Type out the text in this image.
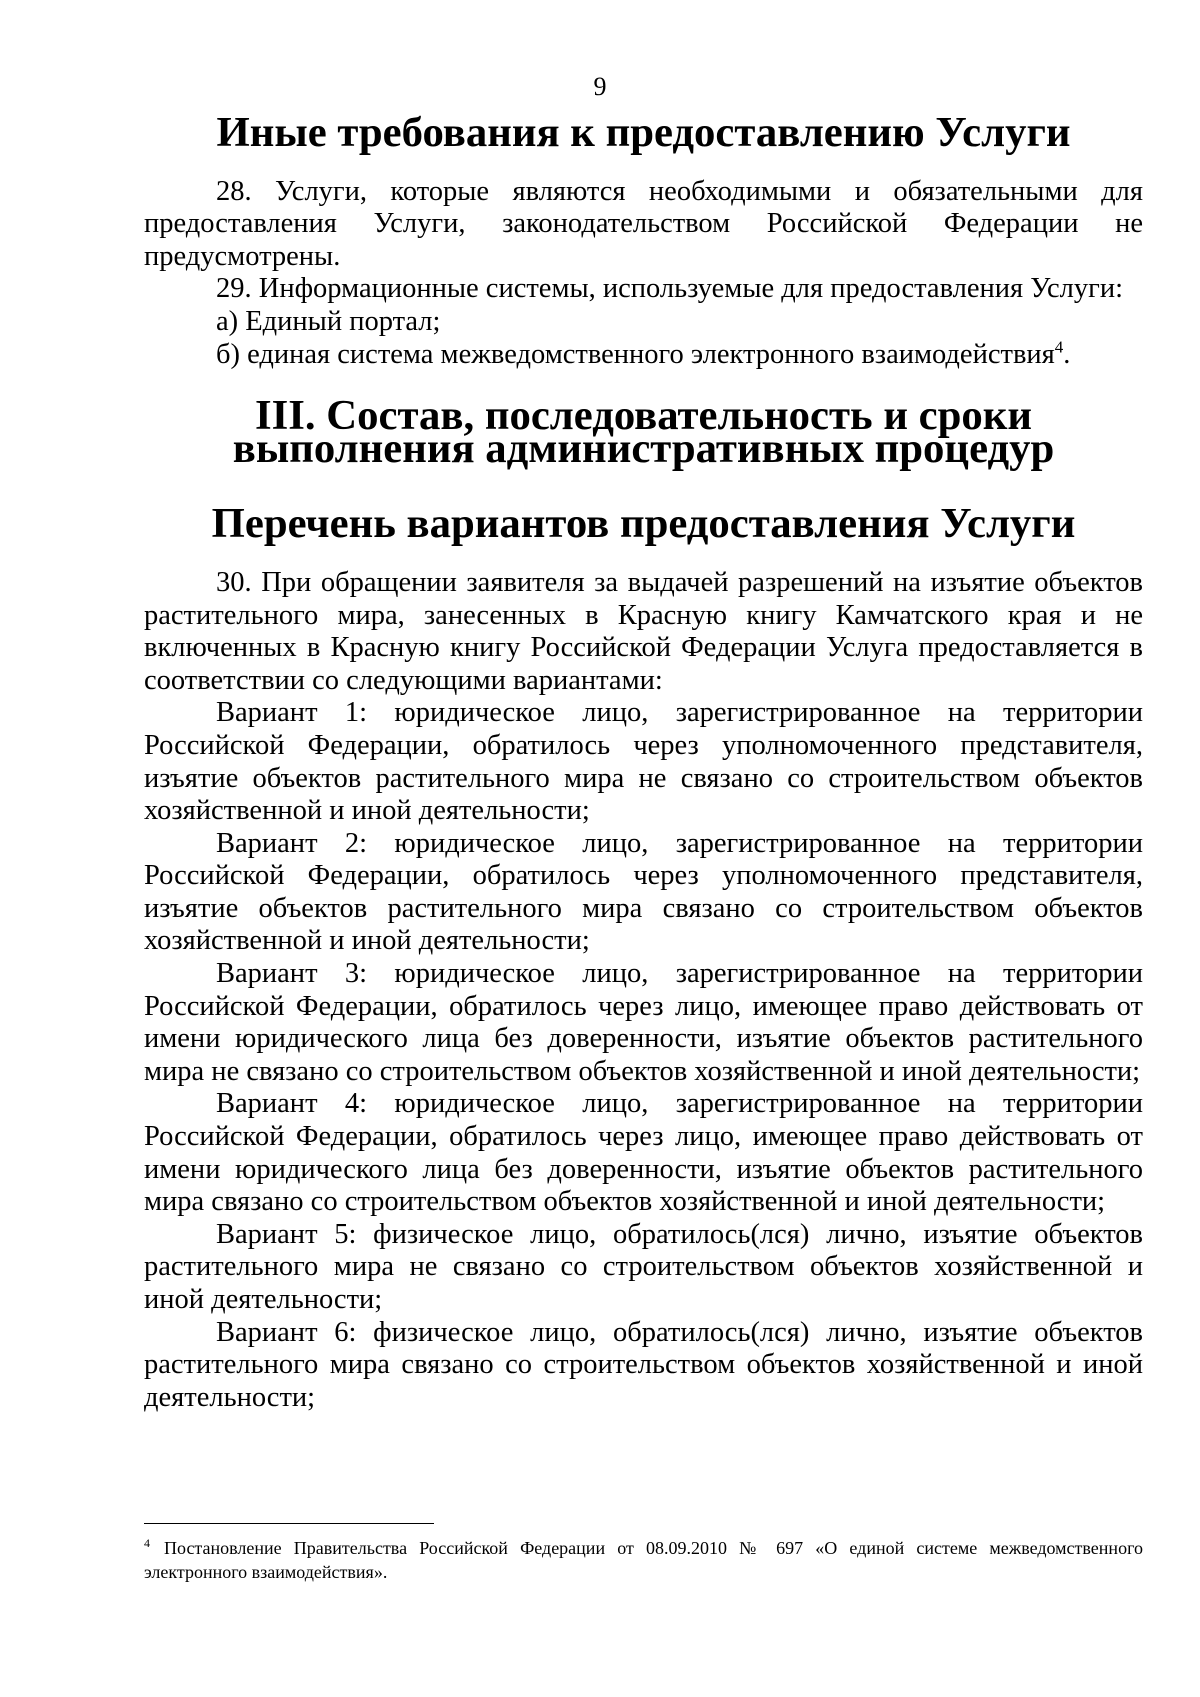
9
Иные требования к предоставлению Услуги

28. Услуги, которые являются необходимыми и обязательными для предоставления Услуги, законодательством Российской Федерации не предусмотрены.

29. Информационные системы, используемые для предоставления Услуги:

а) Единый портал;

б) единая система межведомственного электронного взаимодействия$^4$.

III. Состав, последовательность и сроки выполнения административных процедур
Перечень вариантов предоставления Услуги

30. При обращении заявителя за выдачей разрешений на изъятие объектов растительного мира, занесенных в Красную книгу Камчатского края и не включенных в Красную книгу Российской Федерации Услуга предоставляется в соответствии со следующими вариантами:

Вариант 1: юридическое лицо, зарегистрированное на территории Российской Федерации, обратилось через уполномоченного представителя, изъятие объектов растительного мира не связано со строительством объектов хозяйственной и иной деятельности;

Вариант 2: юридическое лицо, зарегистрированное на территории Российской Федерации, обратилось через уполномоченного представителя, изъятие объектов растительного мира связано со строительством объектов хозяйственной и иной деятельности;

Вариант 3: юридическое лицо, зарегистрированное на территории Российской Федерации, обратилось через лицо, имеющее право действовать от имени юридического лица без доверенности, изъятие объектов растительного мира не связано со строительством объектов хозяйственной и иной деятельности;

Вариант 4: юридическое лицо, зарегистрированное на территории Российской Федерации, обратилось через лицо, имеющее право действовать от имени юридического лица без доверенности, изъятие объектов растительного мира связано со строительством объектов хозяйственной и иной деятельности;

Вариант 5: физическое лицо, обратилось(лся) лично, изъятие объектов растительного мира не связано со строительством объектов хозяйственной и иной деятельности;

Вариант 6: физическое лицо, обратилось(лся) лично, изъятие объектов растительного мира связано со строительством объектов хозяйственной и иной деятельности;

$^4$ Постановление Правительства Российской Федерации от 08.09.2010 № 697 «О единой системе межведомственного электронного взаимодействия».
